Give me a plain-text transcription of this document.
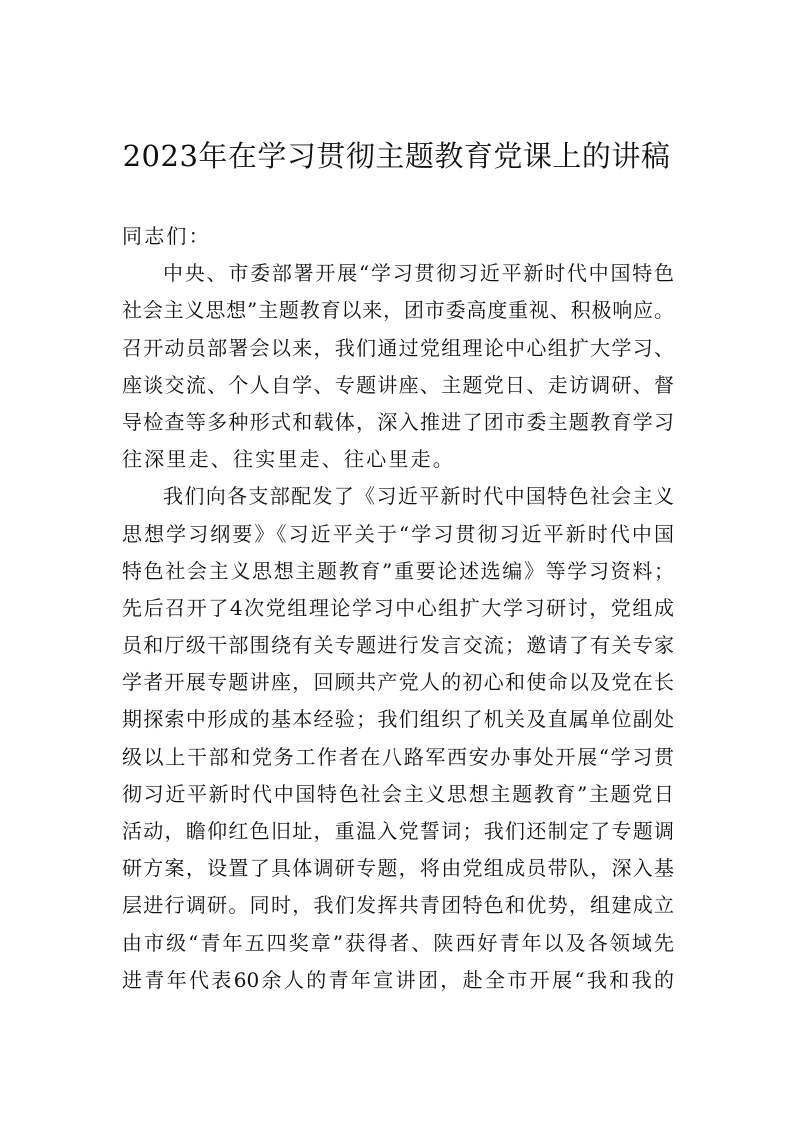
2023年在学习贯彻主题教育党课上的讲稿
同志们：
中央、市委部署开展“学习贯彻习近平新时代中国特色
社会主义思想”主题教育以来，团市委高度重视、积极响应。
召开动员部署会以来，我们通过党组理论中心组扩大学习、
座谈交流、个人自学、专题讲座、主题党日、走访调研、督
导检查等多种形式和载体，深入推进了团市委主题教育学习
往深里走、往实里走、往心里走。
我们向各支部配发了《习近平新时代中国特色社会主义
思想学习纲要》《习近平关于“学习贯彻习近平新时代中国
特色社会主义思想主题教育”重要论述选编》等学习资料；
先后召开了4次党组理论学习中心组扩大学习研讨，党组成
员和厅级干部围绕有关专题进行发言交流；邀请了有关专家
学者开展专题讲座，回顾共产党人的初心和使命以及党在长
期探索中形成的基本经验；我们组织了机关及直属单位副处
级以上干部和党务工作者在八路军西安办事处开展“学习贯
彻习近平新时代中国特色社会主义思想主题教育”主题党日
活动，瞻仰红色旧址，重温入党誓词；我们还制定了专题调
研方案，设置了具体调研专题，将由党组成员带队，深入基
层进行调研。同时，我们发挥共青团特色和优势，组建成立
由市级“青年五四奖章”获得者、陕西好青年以及各领域先
进青年代表60余人的青年宣讲团，赴全市开展“我和我的
